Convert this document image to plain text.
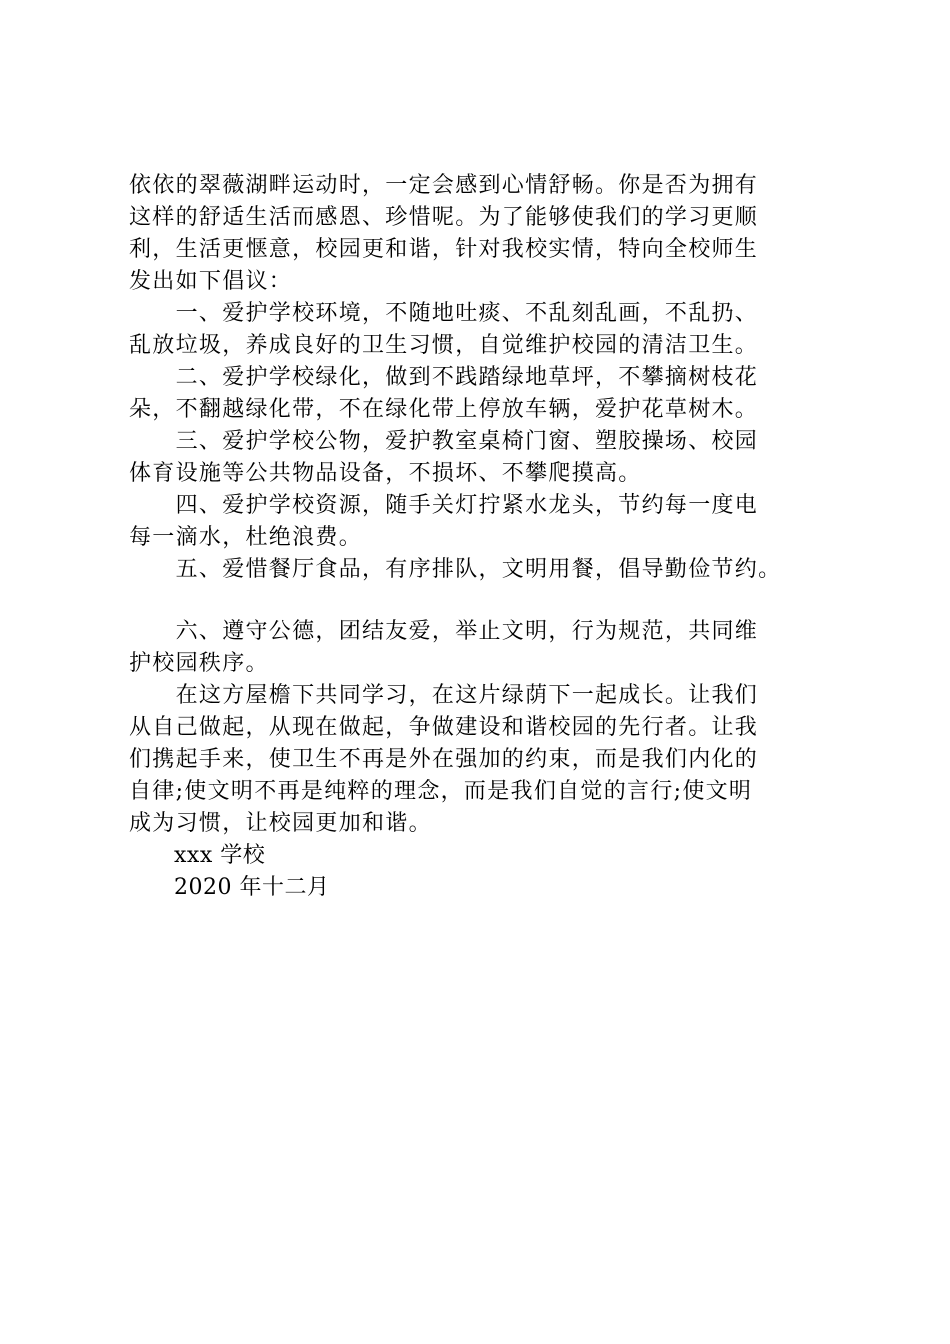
依依的翠薇湖畔运动时，一定会感到心情舒畅。你是否为拥有
这样的舒适生活而感恩、珍惜呢。为了能够使我们的学习更顺
利，生活更惬意，校园更和谐，针对我校实情，特向全校师生
发出如下倡议：
　　一、爱护学校环境，不随地吐痰、不乱刻乱画，不乱扔、
乱放垃圾，养成良好的卫生习惯，自觉维护校园的清洁卫生。
　　二、爱护学校绿化，做到不践踏绿地草坪，不攀摘树枝花
朵，不翻越绿化带，不在绿化带上停放车辆，爱护花草树木。
　　三、爱护学校公物，爱护教室桌椅门窗、塑胶操场、校园
体育设施等公共物品设备，不损坏、不攀爬摸高。
　　四、爱护学校资源，随手关灯拧紧水龙头，节约每一度电
每一滴水，杜绝浪费。
　　五、爱惜餐厅食品，有序排队，文明用餐，倡导勤俭节约。
　　六、遵守公德，团结友爱，举止文明，行为规范，共同维
护校园秩序。
　　在这方屋檐下共同学习，在这片绿荫下一起成长。让我们
从自己做起，从现在做起，争做建设和谐校园的先行者。让我
们携起手来，使卫生不再是外在强加的约束，而是我们内化的
自律;使文明不再是纯粹的理念，而是我们自觉的言行;使文明
成为习惯，让校园更加和谐。
　　xxx 学校
　　2020 年十二月
